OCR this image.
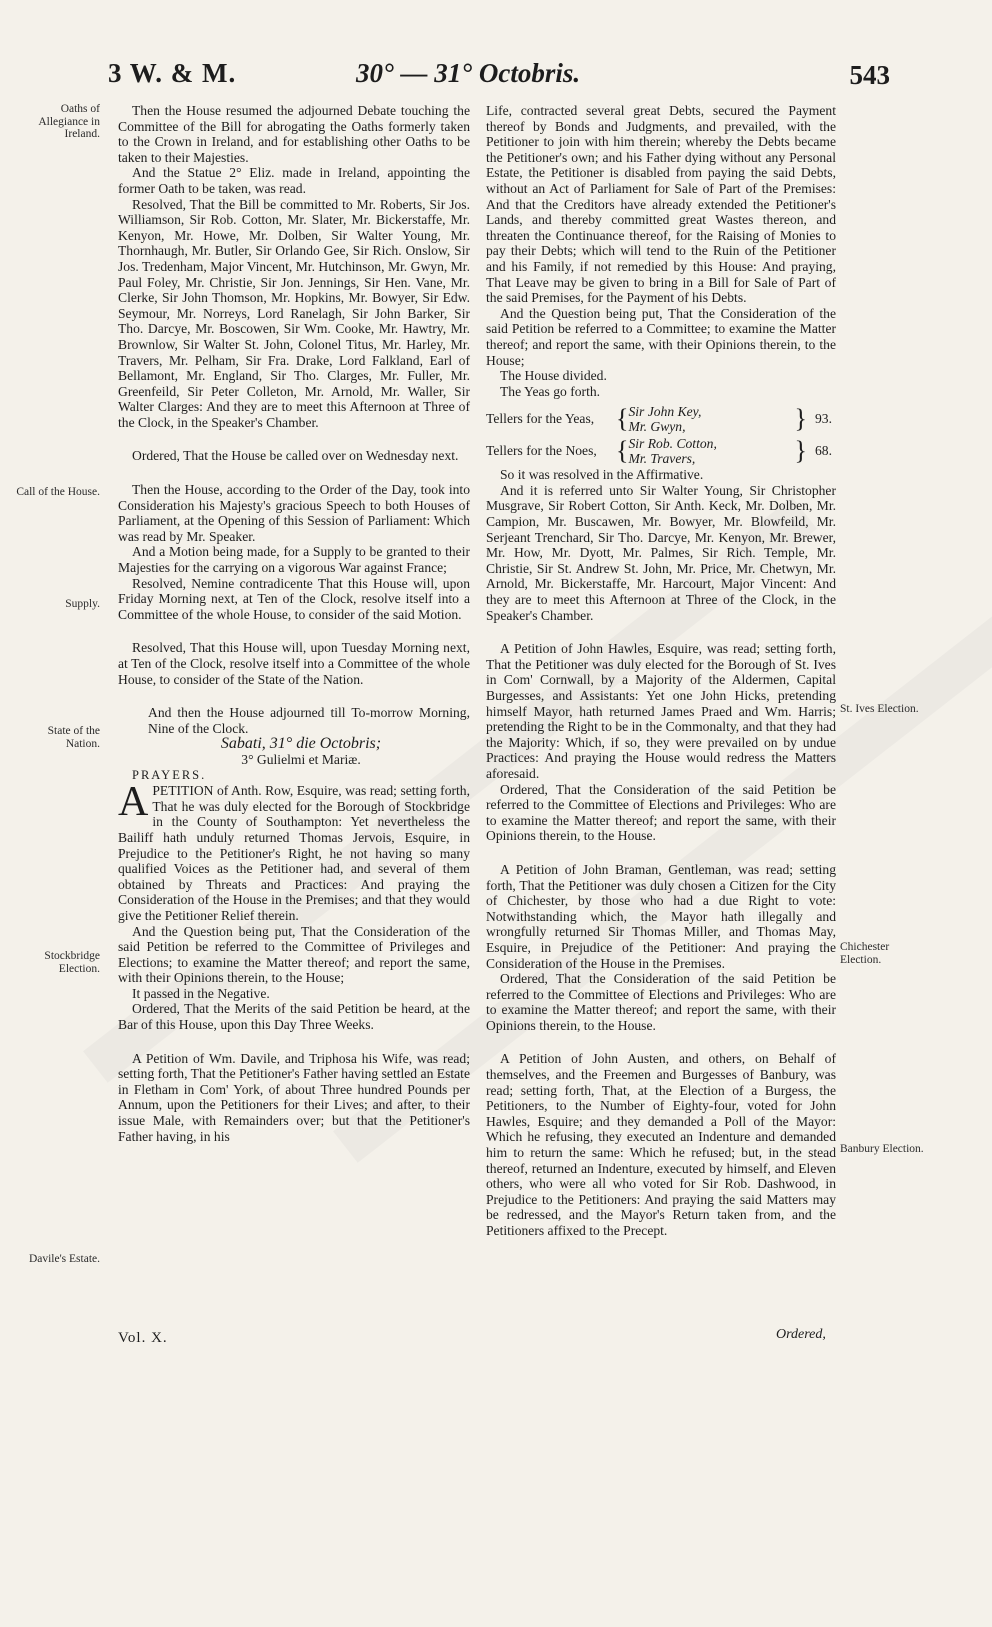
3 W. & M.	30° — 31° Octobris.	543
Oaths of Allegiance in Ireland.
Call of the House.
Supply.
State of the Nation.
Stockbridge Election.
Davile's Estate.
St. Ives Election.
Chichester Election.
Banbury Election.

Then the House resumed the adjourned Debate touching the Committee of the Bill for abrogating the Oaths formerly taken to the Crown in Ireland, and for establishing other Oaths to be taken to their Majesties.

And the Statue 2° Eliz. made in Ireland, appointing the former Oath to be taken, was read.

Resolved, That the Bill be committed to Mr. Roberts, Sir Jos. Williamson, Sir Rob. Cotton, Mr. Slater, Mr. Bickerstaffe, Mr. Kenyon, Mr. Howe, Mr. Dolben, Sir Walter Young, Mr. Thornhaugh, Mr. Butler, Sir Orlando Gee, Sir Rich. Onslow, Sir Jos. Tredenham, Major Vincent, Mr. Hutchinson, Mr. Gwyn, Mr. Paul Foley, Mr. Christie, Sir Jon. Jennings, Sir Hen. Vane, Mr. Clerke, Sir John Thomson, Mr. Hopkins, Mr. Bowyer, Sir Edw. Seymour, Mr. Norreys, Lord Ranelagh, Sir John Barker, Sir Tho. Darcye, Mr. Boscowen, Sir Wm. Cooke, Mr. Hawtry, Mr. Brownlow, Sir Walter St. John, Colonel Titus, Mr. Harley, Mr. Travers, Mr. Pelham, Sir Fra. Drake, Lord Falkland, Earl of Bellamont, Mr. England, Sir Tho. Clarges, Mr. Fuller, Mr. Greenfeild, Sir Peter Colleton, Mr. Arnold, Mr. Waller, Sir Walter Clarges: And they are to meet this Afternoon at Three of the Clock, in the Speaker's Chamber.

Ordered, That the House be called over on Wednesday next.

Then the House, according to the Order of the Day, took into Consideration his Majesty's gracious Speech to both Houses of Parliament, at the Opening of this Session of Parliament: Which was read by Mr. Speaker.

And a Motion being made, for a Supply to be granted to their Majesties for the carrying on a vigorous War against France;

Resolved, Nemine contradicente That this House will, upon Friday Morning next, at Ten of the Clock, resolve itself into a Committee of the whole House, to consider of the said Motion.

Resolved, That this House will, upon Tuesday Morning next, at Ten of the Clock, resolve itself into a Committee of the whole House, to consider of the State of the Nation.

And then the House adjourned till To-morrow Morning, Nine of the Clock.

Sabati, 31° die Octobris;

3° Gulielmi et Mariæ.

PRAYERS.

APETITION of Anth. Row, Esquire, was read; setting forth, That he was duly elected for the Borough of Stockbridge in the County of Southampton: Yet nevertheless the Bailiff hath unduly returned Thomas Jervois, Esquire, in Prejudice to the Petitioner's Right, he not having so many qualified Voices as the Petitioner had, and several of them obtained by Threats and Practices: And praying the Consideration of the House in the Premises; and that they would give the Petitioner Relief therein.

And the Question being put, That the Consideration of the said Petition be referred to the Committee of Privileges and Elections; to examine the Matter thereof; and report the same, with their Opinions therein, to the House;

It passed in the Negative.

Ordered, That the Merits of the said Petition be heard, at the Bar of this House, upon this Day Three Weeks.

A Petition of Wm. Davile, and Triphosa his Wife, was read; setting forth, That the Petitioner's Father having settled an Estate in Fletham in Com' York, of about Three hundred Pounds per Annum, upon the Petitioners for their Lives; and after, to their issue Male, with Remainders over; but that the Petitioner's Father having, in his

Life, contracted several great Debts, secured the Payment thereof by Bonds and Judgments, and prevailed, with the Petitioner to join with him therein; whereby the Debts became the Petitioner's own; and his Father dying without any Personal Estate, the Petitioner is disabled from paying the said Debts, without an Act of Parliament for Sale of Part of the Premises: And that the Creditors have already extended the Petitioner's Lands, and thereby committed great Wastes thereon, and threaten the Continuance thereof, for the Raising of Monies to pay their Debts; which will tend to the Ruin of the Petitioner and his Family, if not remedied by this House: And praying, That Leave may be given to bring in a Bill for Sale of Part of the said Premises, for the Payment of his Debts.

And the Question being put, That the Consideration of the said Petition be referred to a Committee; to examine the Matter thereof; and report the same, with their Opinions therein, to the House;

The House divided.

The Yeas go forth.

Tellers for the Yeas, { Sir John Key,
Mr. Gwyn,	} 93.
Tellers for the Noes, { Sir Rob. Cotton,
Mr. Travers,	} 68.

So it was resolved in the Affirmative.

And it is referred unto Sir Walter Young, Sir Christopher Musgrave, Sir Robert Cotton, Sir Anth. Keck, Mr. Dolben, Mr. Campion, Mr. Buscawen, Mr. Bowyer, Mr. Blowfeild, Mr. Serjeant Trenchard, Sir Tho. Darcye, Mr. Kenyon, Mr. Brewer, Mr. How, Mr. Dyott, Mr. Palmes, Sir Rich. Temple, Mr. Christie, Sir St. Andrew St. John, Mr. Price, Mr. Chetwyn, Mr. Arnold, Mr. Bickerstaffe, Mr. Harcourt, Major Vincent: And they are to meet this Afternoon at Three of the Clock, in the Speaker's Chamber.

A Petition of John Hawles, Esquire, was read; setting forth, That the Petitioner was duly elected for the Borough of St. Ives in Com' Cornwall, by a Majority of the Aldermen, Capital Burgesses, and Assistants: Yet one John Hicks, pretending himself Mayor, hath returned James Praed and Wm. Harris; pretending the Right to be in the Commonalty, and that they had the Majority: Which, if so, they were prevailed on by undue Practices: And praying the House would redress the Matters aforesaid.

Ordered, That the Consideration of the said Petition be referred to the Committee of Elections and Privileges: Who are to examine the Matter thereof; and report the same, with their Opinions therein, to the House.

A Petition of John Braman, Gentleman, was read; setting forth, That the Petitioner was duly chosen a Citizen for the City of Chichester, by those who had a due Right to vote: Notwithstanding which, the Mayor hath illegally and wrongfully returned Sir Thomas Miller, and Thomas May, Esquire, in Prejudice of the Petitioner: And praying the Consideration of the House in the Premises.

Ordered, That the Consideration of the said Petition be referred to the Committee of Elections and Privileges: Who are to examine the Matter thereof; and report the same, with their Opinions therein, to the House.

A Petition of John Austen, and others, on Behalf of themselves, and the Freemen and Burgesses of Banbury, was read; setting forth, That, at the Election of a Burgess, the Petitioners, to the Number of Eighty-four, voted for John Hawles, Esquire; and they demanded a Poll of the Mayor: Which he refusing, they executed an Indenture and demanded him to return the same: Which he refused; but, in the stead thereof, returned an Indenture, executed by himself, and Eleven others, who were all who voted for Sir Rob. Dashwood, in Prejudice to the Petitioners: And praying the said Matters may be redressed, and the Mayor's Return taken from, and the Petitioners affixed to the Precept.

Vol. X.	Ordered,
